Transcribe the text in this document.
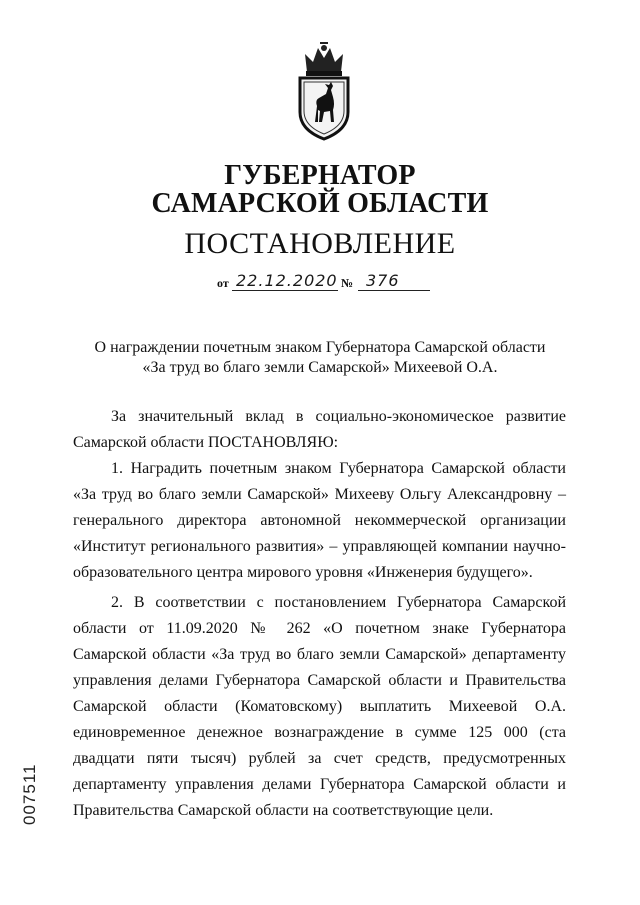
ГУБЕРНАТОР
САМАРСКОЙ ОБЛАСТИ
ПОСТАНОВЛЕНИЕ
от 22.12.2020 № 376
О награждении почетным знаком Губернатора Самарской области
«За труд во благо земли Самарской» Михеевой О.А.

За значительный вклад в социально-экономическое развитие Самарской области ПОСТАНОВЛЯЮ:

1. Наградить почетным знаком Губернатора Самарской области «За труд во благо земли Самарской» Михееву Ольгу Александровну – генерального директора автономной некоммерческой организации «Институт регионального развития» – управляющей компании научно-образовательного центра мирового уровня «Инженерия будущего».

2. В соответствии с постановлением Губернатора Самарской области от 11.09.2020 № 262 «О почетном знаке Губернатора Самарской области «За труд во благо земли Самарской» департаменту управления делами Губернатора Самарской области и Правительства Самарской области (Коматовскому) выплатить Михеевой О.А. единовременное денежное вознаграждение в сумме 125 000 (ста двадцати пяти тысяч) рублей за счет средств, предусмотренных департаменту управления делами Губернатора Самарской области и Правительства Самарской области на соответствующие цели.

007511
